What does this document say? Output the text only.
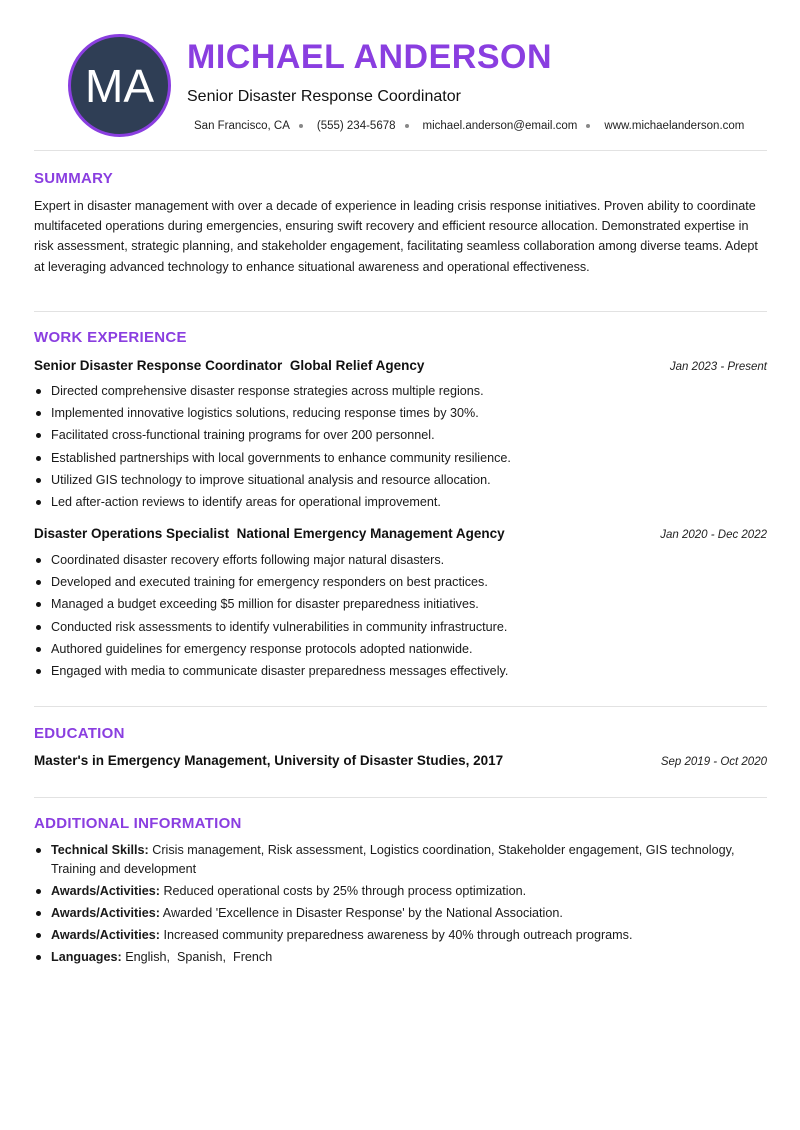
MA
MICHAEL ANDERSON
Senior Disaster Response Coordinator
San Francisco, CA (555) 234-5678 michael.anderson@email.com www.michaelanderson.com
SUMMARY

Expert in disaster management with over a decade of experience in leading crisis response initiatives. Proven ability to coordinate multifaceted operations during emergencies, ensuring swift recovery and efficient resource allocation. Demonstrated expertise in risk assessment, strategic planning, and stakeholder engagement, facilitating seamless collaboration among diverse teams. Adept at leveraging advanced technology to enhance situational awareness and operational effectiveness.

WORK EXPERIENCE
Senior Disaster Response Coordinator Global Relief Agency	Jan 2023 - Present
Directed comprehensive disaster response strategies across multiple regions.
Implemented innovative logistics solutions, reducing response times by 30%.
Facilitated cross-functional training programs for over 200 personnel.
Established partnerships with local governments to enhance community resilience.
Utilized GIS technology to improve situational analysis and resource allocation.
Led after-action reviews to identify areas for operational improvement.
Disaster Operations Specialist National Emergency Management Agency	Jan 2020 - Dec 2022
Coordinated disaster recovery efforts following major natural disasters.
Developed and executed training for emergency responders on best practices.
Managed a budget exceeding $5 million for disaster preparedness initiatives.
Conducted risk assessments to identify vulnerabilities in community infrastructure.
Authored guidelines for emergency response protocols adopted nationwide.
Engaged with media to communicate disaster preparedness messages effectively.
EDUCATION
Master's in Emergency Management, University of Disaster Studies, 2017	Sep 2019 - Oct 2020
ADDITIONAL INFORMATION
Technical Skills: Crisis management, Risk assessment, Logistics coordination, Stakeholder engagement, GIS technology, Training and development
Awards/Activities: Reduced operational costs by 25% through process optimization.
Awards/Activities: Awarded 'Excellence in Disaster Response' by the National Association.
Awards/Activities: Increased community preparedness awareness by 40% through outreach programs.
Languages: English , Spanish , French
